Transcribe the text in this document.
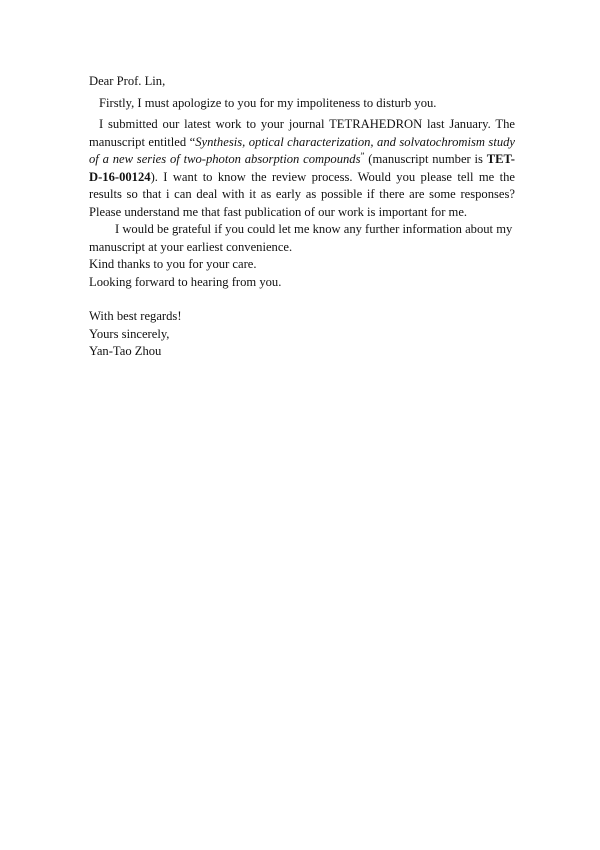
Dear Prof. Lin,

Firstly, I must apologize to you for my impoliteness to disturb you.

I submitted our latest work to your journal TETRAHEDRON last January. The manuscript entitled “Synthesis, optical characterization, and solvatochromism study of a new series of two-photon absorption compounds” (manuscript number is TET-D-16-00124). I want to know the review process. Would you please tell me the results so that i can deal with it as early as possible if there are some responses? Please understand me that fast publication of our work is important for me.

I would be grateful if you could let me know any further information about my manuscript at your earliest convenience.

Kind thanks to you for your care.

Looking forward to hearing from you.

With best regards!

Yours sincerely,

Yan-Tao Zhou
